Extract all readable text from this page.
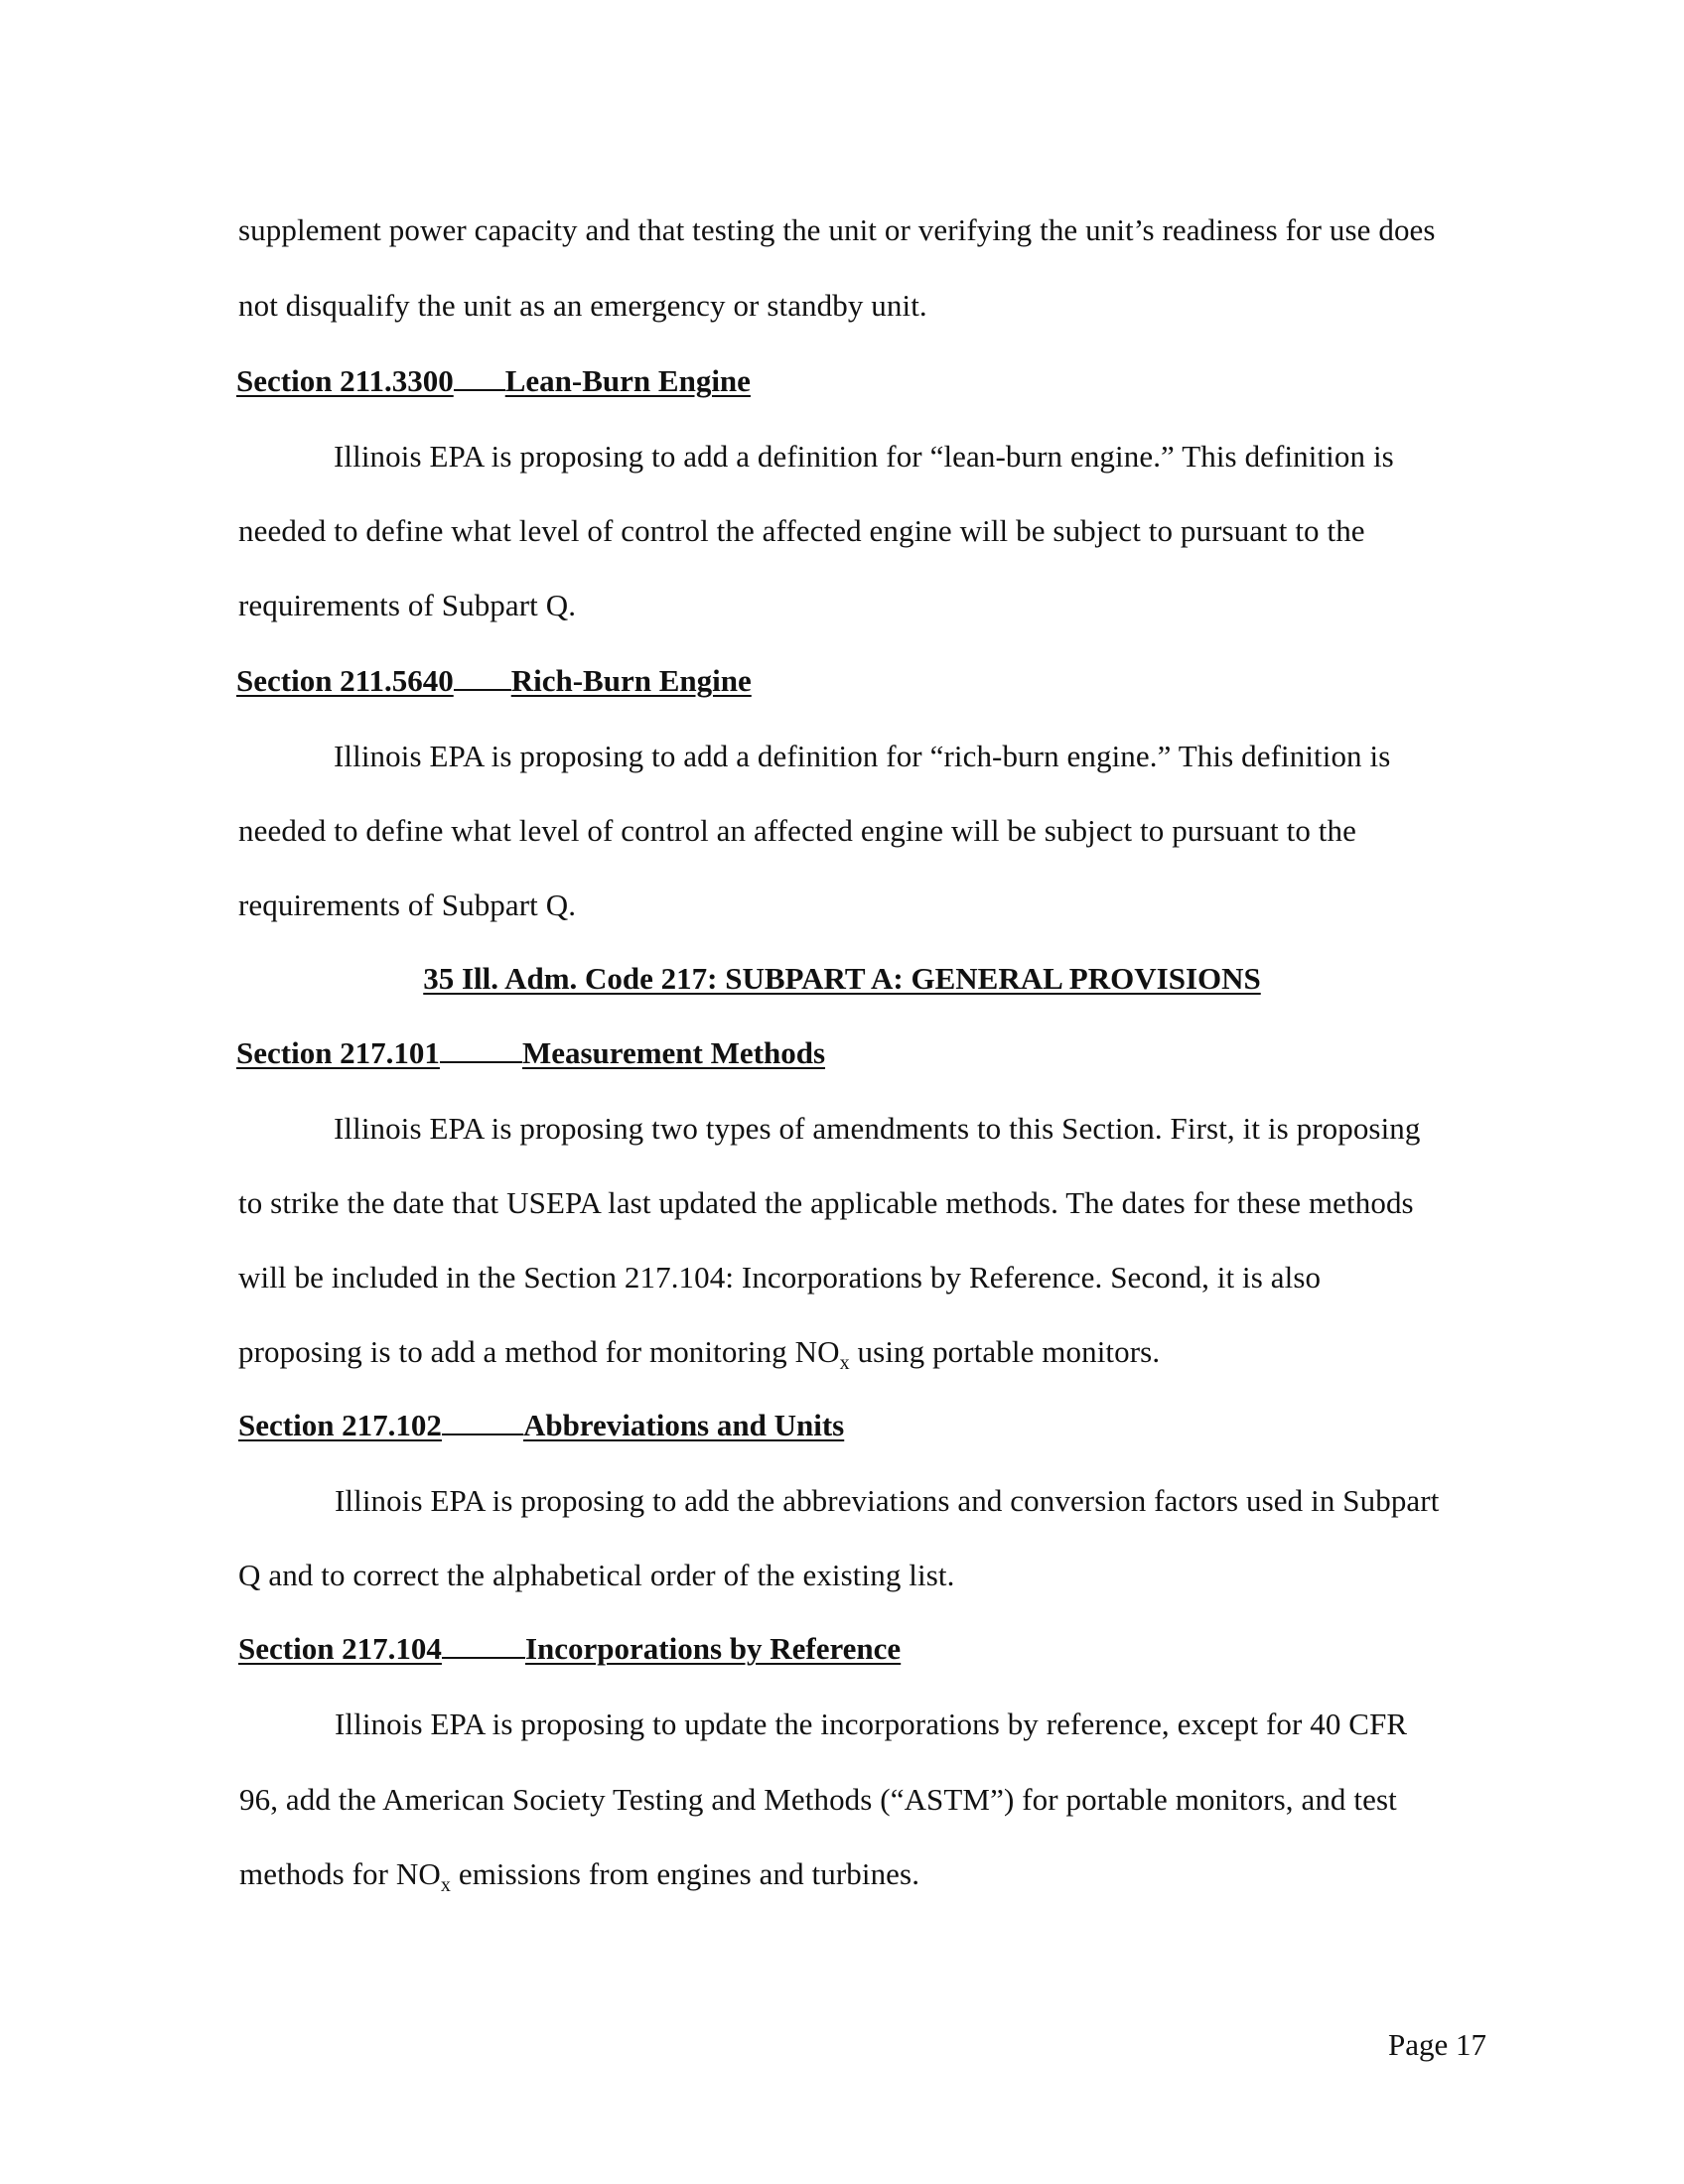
supplement power capacity and that testing the unit or verifying the unit’s readiness for use does
not disqualify the unit as an emergency or standby unit.
Section 211.3300 Lean-Burn Engine
Illinois EPA is proposing to add a definition for “lean-burn engine.” This definition is
needed to define what level of control the affected engine will be subject to pursuant to the
requirements of Subpart Q.
Section 211.5640 Rich-Burn Engine
Illinois EPA is proposing to add a definition for “rich-burn engine.” This definition is
needed to define what level of control an affected engine will be subject to pursuant to the
requirements of Subpart Q.
35 Ill. Adm. Code 217: SUBPART A: GENERAL PROVISIONS
Section 217.101	Measurement Methods
Illinois EPA is proposing two types of amendments to this Section. First, it is proposing
to strike the date that USEPA last updated the applicable methods. The dates for these methods
will be included in the Section 217.104: Incorporations by Reference. Second, it is also
proposing is to add a method for monitoring $NO_x$ using portable monitors.
Section 217.102	Abbreviations and Units
Illinois EPA is proposing to add the abbreviations and conversion factors used in Subpart
Q and to correct the alphabetical order of the existing list.
Section 217.104	Incorporations by Reference
Illinois EPA is proposing to update the incorporations by reference, except for 40 CFR
96, add the American Society Testing and Methods (“ASTM”) for portable monitors, and test
methods for $NO_x$ emissions from engines and turbines.
Page 17
